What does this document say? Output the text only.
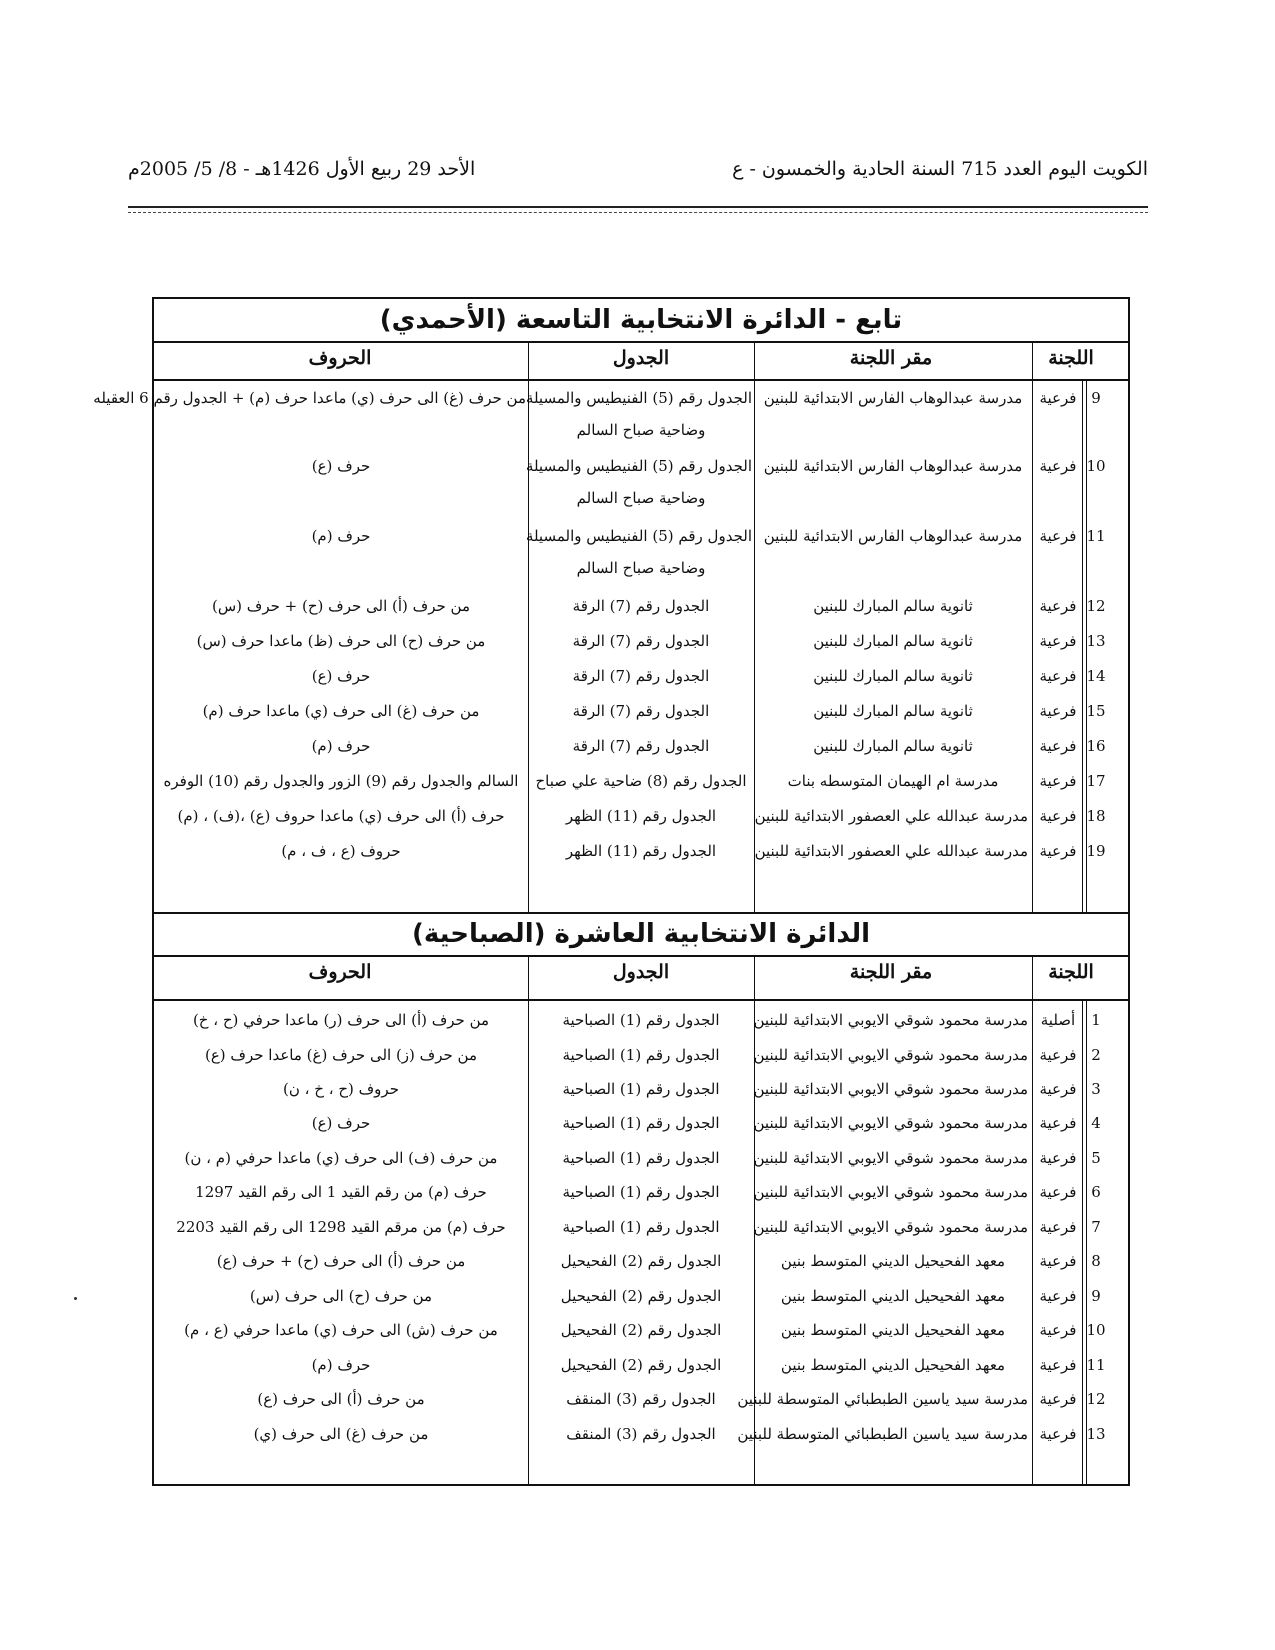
الكويت اليوم العدد 715 السنة الحادية والخمسون - ع
الأحد 29 ربيع الأول 1426هـ - 8/ 5/ 2005م
تابع - الدائرة الانتخابية التاسعة (الأحمدي)
اللجنة
مقر اللجنة
الجدول
الحروف
9
فرعية
مدرسة عبدالوهاب الفارس الابتدائية للبنين
الجدول رقم (5) الفنيطيس والمسيلة
من حرف (غ) الى حرف (ي) ماعدا حرف (م) + الجدول رقم 6 العقيله
وضاحية صباح السالم
10
فرعية
مدرسة عبدالوهاب الفارس الابتدائية للبنين
الجدول رقم (5) الفنيطيس والمسيلة
حرف (ع)
وضاحية صباح السالم
11
فرعية
مدرسة عبدالوهاب الفارس الابتدائية للبنين
الجدول رقم (5) الفنيطيس والمسيلة
حرف (م)
وضاحية صباح السالم
12
فرعية
ثانوية سالم المبارك للبنين
الجدول رقم (7) الرقة
من حرف (أ) الى حرف (ح) + حرف (س)
13
فرعية
ثانوية سالم المبارك للبنين
الجدول رقم (7) الرقة
من حرف (ح) الى حرف (ظ) ماعدا حرف (س)
14
فرعية
ثانوية سالم المبارك للبنين
الجدول رقم (7) الرقة
حرف (ع)
15
فرعية
ثانوية سالم المبارك للبنين
الجدول رقم (7) الرقة
من حرف (غ) الى حرف (ي) ماعدا حرف (م)
16
فرعية
ثانوية سالم المبارك للبنين
الجدول رقم (7) الرقة
حرف (م)
17
فرعية
مدرسة ام الهيمان المتوسطه بنات
الجدول رقم (8) ضاحية علي صباح
السالم والجدول رقم (9) الزور والجدول رقم (10) الوفره
18
فرعية
مدرسة عبدالله علي العصفور الابتدائية للبنين
الجدول رقم (11) الظهر
حرف (أ) الى حرف (ي) ماعدا حروف (ع) ،(ف) ، (م)
19
فرعية
مدرسة عبدالله علي العصفور الابتدائية للبنين
الجدول رقم (11) الظهر
حروف (ع ، ف ، م)
الدائرة الانتخابية العاشرة (الصباحية)
اللجنة
مقر اللجنة
الجدول
الحروف
1
أصلية
مدرسة محمود شوقي الايوبي الابتدائية للبنين
الجدول رقم (1) الصباحية
من حرف (أ) الى حرف (ر) ماعدا حرفي (ح ، خ)
2
فرعية
مدرسة محمود شوقي الايوبي الابتدائية للبنين
الجدول رقم (1) الصباحية
من حرف (ز) الى حرف (غ) ماعدا حرف (ع)
3
فرعية
مدرسة محمود شوقي الايوبي الابتدائية للبنين
الجدول رقم (1) الصباحية
حروف (ح ، خ ، ن)
4
فرعية
مدرسة محمود شوقي الايوبي الابتدائية للبنين
الجدول رقم (1) الصباحية
حرف (ع)
5
فرعية
مدرسة محمود شوقي الايوبي الابتدائية للبنين
الجدول رقم (1) الصباحية
من حرف (ف) الى حرف (ي) ماعدا حرفي (م ، ن)
6
فرعية
مدرسة محمود شوقي الايوبي الابتدائية للبنين
الجدول رقم (1) الصباحية
حرف (م) من رقم القيد 1 الى رقم القيد 1297
7
فرعية
مدرسة محمود شوقي الايوبي الابتدائية للبنين
الجدول رقم (1) الصباحية
حرف (م) من مرقم القيد 1298 الى رقم القيد 2203
8
فرعية
معهد الفحيحيل الديني المتوسط بنين
الجدول رقم (2) الفحيحيل
من حرف (أ) الى حرف (ح) + حرف (ع)
9
فرعية
معهد الفحيحيل الديني المتوسط بنين
الجدول رقم (2) الفحيحيل
من حرف (ح) الى حرف (س)
10
فرعية
معهد الفحيحيل الديني المتوسط بنين
الجدول رقم (2) الفحيحيل
من حرف (ش) الى حرف (ي) ماعدا حرفي (ع ، م)
11
فرعية
معهد الفحيحيل الديني المتوسط بنين
الجدول رقم (2) الفحيحيل
حرف (م)
12
فرعية
مدرسة سيد ياسين الطبطبائي المتوسطة للبنين
الجدول رقم (3) المنقف
من حرف (أ) الى حرف (ع)
13
فرعية
مدرسة سيد ياسين الطبطبائي المتوسطة للبنين
الجدول رقم (3) المنقف
من حرف (غ) الى حرف (ي)
